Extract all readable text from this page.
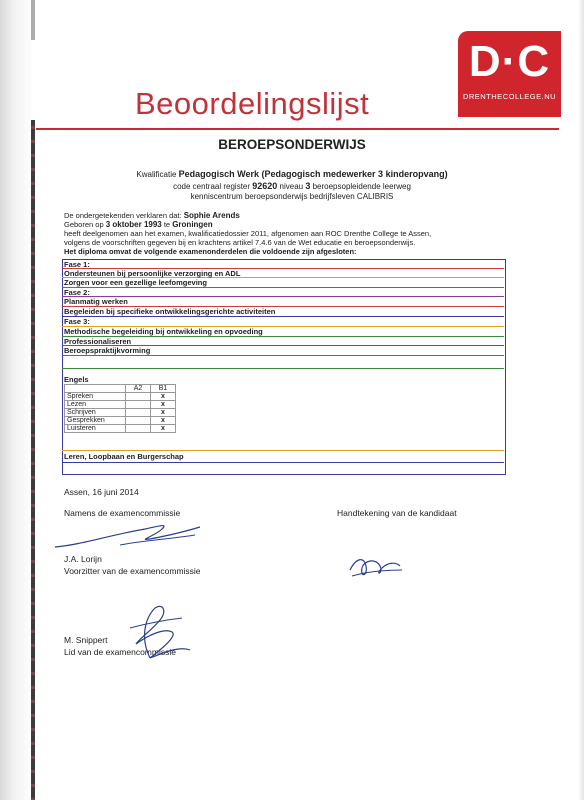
D·C
DRENTHECOLLEGE.NU
Beoordelingslijst
BEROEPSONDERWIJS
Kwalificatie Pedagogisch Werk (Pedagogisch medewerker 3 kinderopvang)
code centraal register 92620 niveau 3 beroepsopleidende leerweg
kenniscentrum beroepsonderwijs bedrijfsleven CALIBRIS
De ondergetekenden verklaren dat: Sophie Arends
Geboren op 3 oktober 1993 te Groningen
heeft deelgenomen aan het examen, kwalificatiedossier 2011, afgenomen aan ROC Drenthe College te Assen,
volgens de voorschriften gegeven bij en krachtens artikel 7.4.6 van de Wet educatie en beroepsonderwijs.
Het diploma omvat de volgende examenonderdelen die voldoende zijn afgesloten:
Fase 1:
Ondersteunen bij persoonlijke verzorging en ADL
Zorgen voor een gezellige leefomgeving
Fase 2:
Planmatig werken
Begeleiden bij specifieke ontwikkelingsgerichte activiteiten
Fase 3:
Methodische begeleiding bij ontwikkeling en opvoeding
Professionaliseren
Beroepspraktijkvorming
Engels
	A2	B1
Spreken		x
Lezen		x
Schrijven		x
Gesprekken		x
Luisteren		x
Leren, Loopbaan en Burgerschap
Assen, 16 juni 2014
Namens de examencommissie	Handtekening van de kandidaat
J.A. Lorijn
Voorzitter van de examencommissie
M. Snippert
Lid van de examencommissie
